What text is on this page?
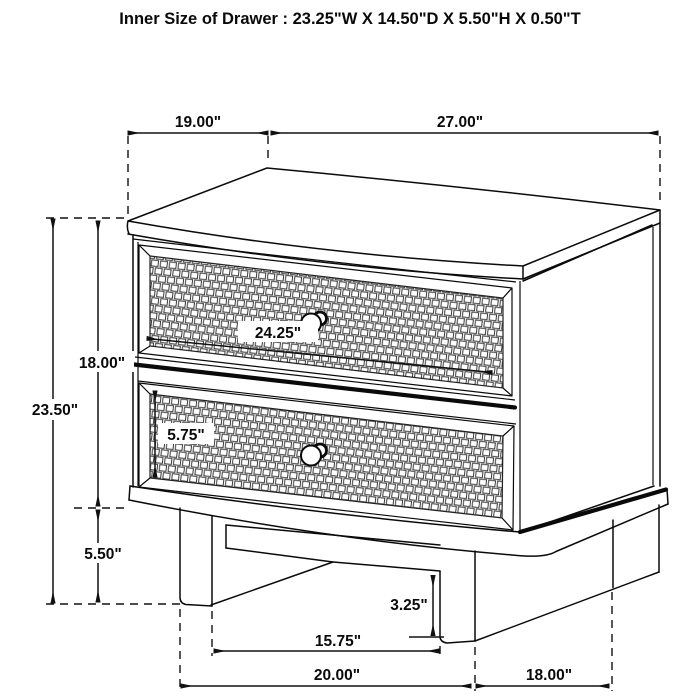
Inner Size of Drawer : 23.25"W X 14.50"D X 5.50"H X 0.50"T
19.00"	27.00"
23.50"
18.00"
5.50"
24.25"
5.75"
3.25"
15.75"
20.00"	18.00"
